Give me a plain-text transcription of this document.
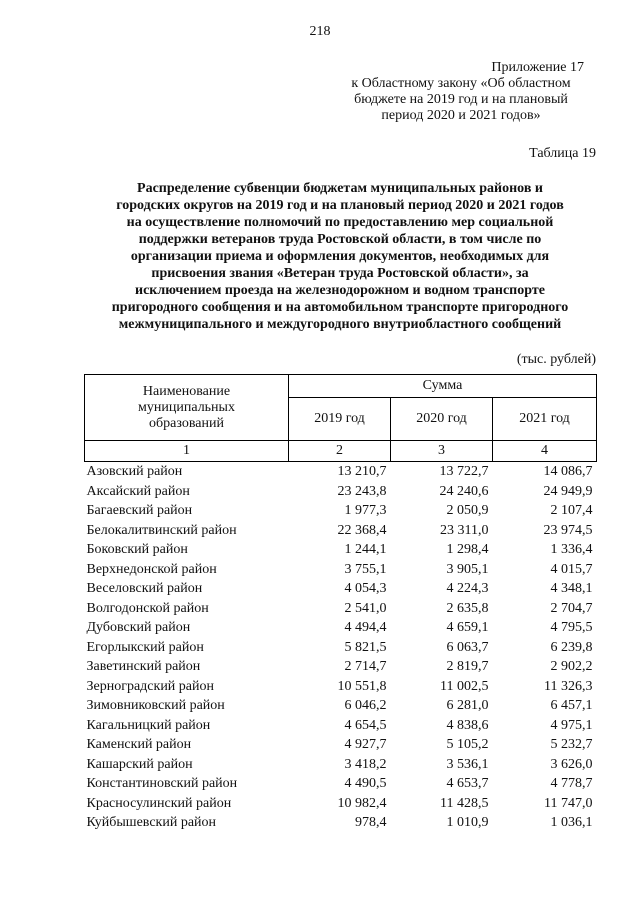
218
Приложение 17
к Областному закону «Об областном
бюджете на 2019 год и на плановый
период 2020 и 2021 годов»
Таблица 19
Распределение субвенции бюджетам муниципальных районов и
городских округов на 2019 год и на плановый период 2020 и 2021 годов
на осуществление полномочий по предоставлению мер социальной
поддержки ветеранов труда Ростовской области, в том числе по
организации приема и оформления документов, необходимых для
присвоения звания «Ветеран труда Ростовской области», за
исключением проезда на железнодорожном и водном транспорте
пригородного сообщения и на автомобильном транспорте пригородного
межмуниципального и междугородного внутриобластного сообщений
(тыс. рублей)
Наименование
муниципальных
образований	Сумма		
	2019 год	2020 год	2021 год
1	2	3	4
Азовский район	13 210,7	13 722,7	14 086,7
Аксайский район	23 243,8	24 240,6	24 949,9
Багаевский район	1 977,3	2 050,9	2 107,4
Белокалитвинский район	22 368,4	23 311,0	23 974,5
Боковский район	1 244,1	1 298,4	1 336,4
Верхнедонской район	3 755,1	3 905,1	4 015,7
Веселовский район	4 054,3	4 224,3	4 348,1
Волгодонской район	2 541,0	2 635,8	2 704,7
Дубовский район	4 494,4	4 659,1	4 795,5
Егорлыкский район	5 821,5	6 063,7	6 239,8
Заветинский район	2 714,7	2 819,7	2 902,2
Зерноградский район	10 551,8	11 002,5	11 326,3
Зимовниковский район	6 046,2	6 281,0	6 457,1
Кагальницкий район	4 654,5	4 838,6	4 975,1
Каменский район	4 927,7	5 105,2	5 232,7
Кашарский район	3 418,2	3 536,1	3 626,0
Константиновский район	4 490,5	4 653,7	4 778,7
Красносулинский район	10 982,4	11 428,5	11 747,0
Куйбышевский район	978,4	1 010,9	1 036,1
